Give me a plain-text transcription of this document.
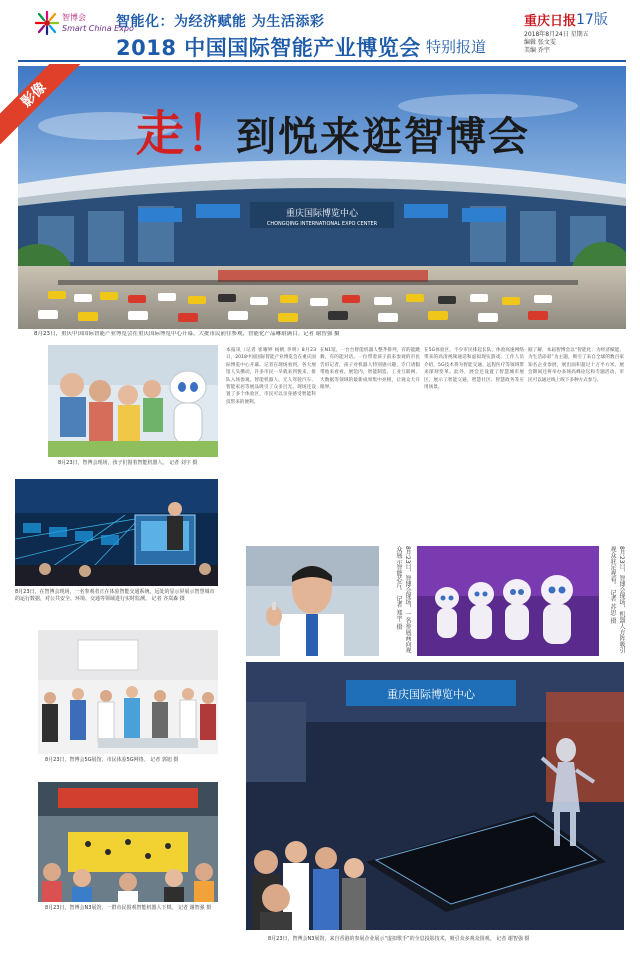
智博会
Smart China Expo
智能化：为经济赋能 为生活添彩
2018 中国国际智能产业博览会 特别报道
重庆日报 17版
2018年8月24日 星期五
编辑 张文雯
美编 乔宇
重庆国际博览中心
CHONGQING INTERNATIONAL EXPO CENTER
影像
走！到悦来逛智博会
8月23日，重庆中国国际智能产业博览会在重庆国际博览中心开幕。大批市民前往参观，智能化产品琳琅满目。记者 谢智强 摄
8月23日，智博会现场，孩子们围着智能机器人。 记者 刘宇 摄
8月23日，在智博会现场，一名参观者正在体验智能交通系统，远处的显示屏展示智慧城市的运行数据，对公共安全、环境、交通等领域进行实时监测。 记者 齐岚森 摄
8月23日，智博会5G展馆，市民体验5G网络。 记者 郭旭 摄
8月23日，智博会N3展馆，一群市民围观智能机器人下棋。 记者 谢智强 摄
本报讯（记者 崔曜婷 杨帆 李明）8月23日，2018中国国际智能产业博览会在重庆国际博览中心开幕。记者在现场看到，各大展馆人头攒动，许多市民一早就来到悦来，排队入场参观。智能机器人、无人驾驶汽车、智能家居等展品吸引了众多目光。现场还设置了多个体验区，市民可以亲身感受智能科技带来的便利。
在N1馆，一台台智能机器人整齐排列，有的能跳舞，有的能对话。一位带着孩子前来参观的市民告诉记者，孩子对机器人特别感兴趣，专门请假带他来看看。展馆内，智能制造、工业互联网、大数据等领域的最新成果集中亮相，让观众大开眼界。
在5G体验区，不少市民排起长队，体验高速网络带来的高清视频通话和虚拟现实游戏。工作人员介绍，5G技术将为智能交通、远程医疗等领域带来深刻变革。此外，展会还设置了智慧城市展区，展示了智能交通、智慧社区、智慧政务等应用场景。
据了解，本届智博会以“智能化：为经济赋能，为生活添彩”为主题，吸引了来自全球的数百家知名企业参展，展出面积超过十万平方米。展会期间还将举办多场高峰论坛和专题活动，市民可以通过线上线下多种方式参与。
8月23日，智博会现场，一名参展商向观众展示智能芯片。 记者 郑宇 摄	8月23日，智博会现场，机器人方阵吸引观众驻足观看。 记者 苏思 摄
重庆国际博览中心
8月23日，智博会N3展馆，来自香港的参展企业展示“虚拟歌手”的全息投影技术，吸引众多观众围观。 记者 谢智强 摄
